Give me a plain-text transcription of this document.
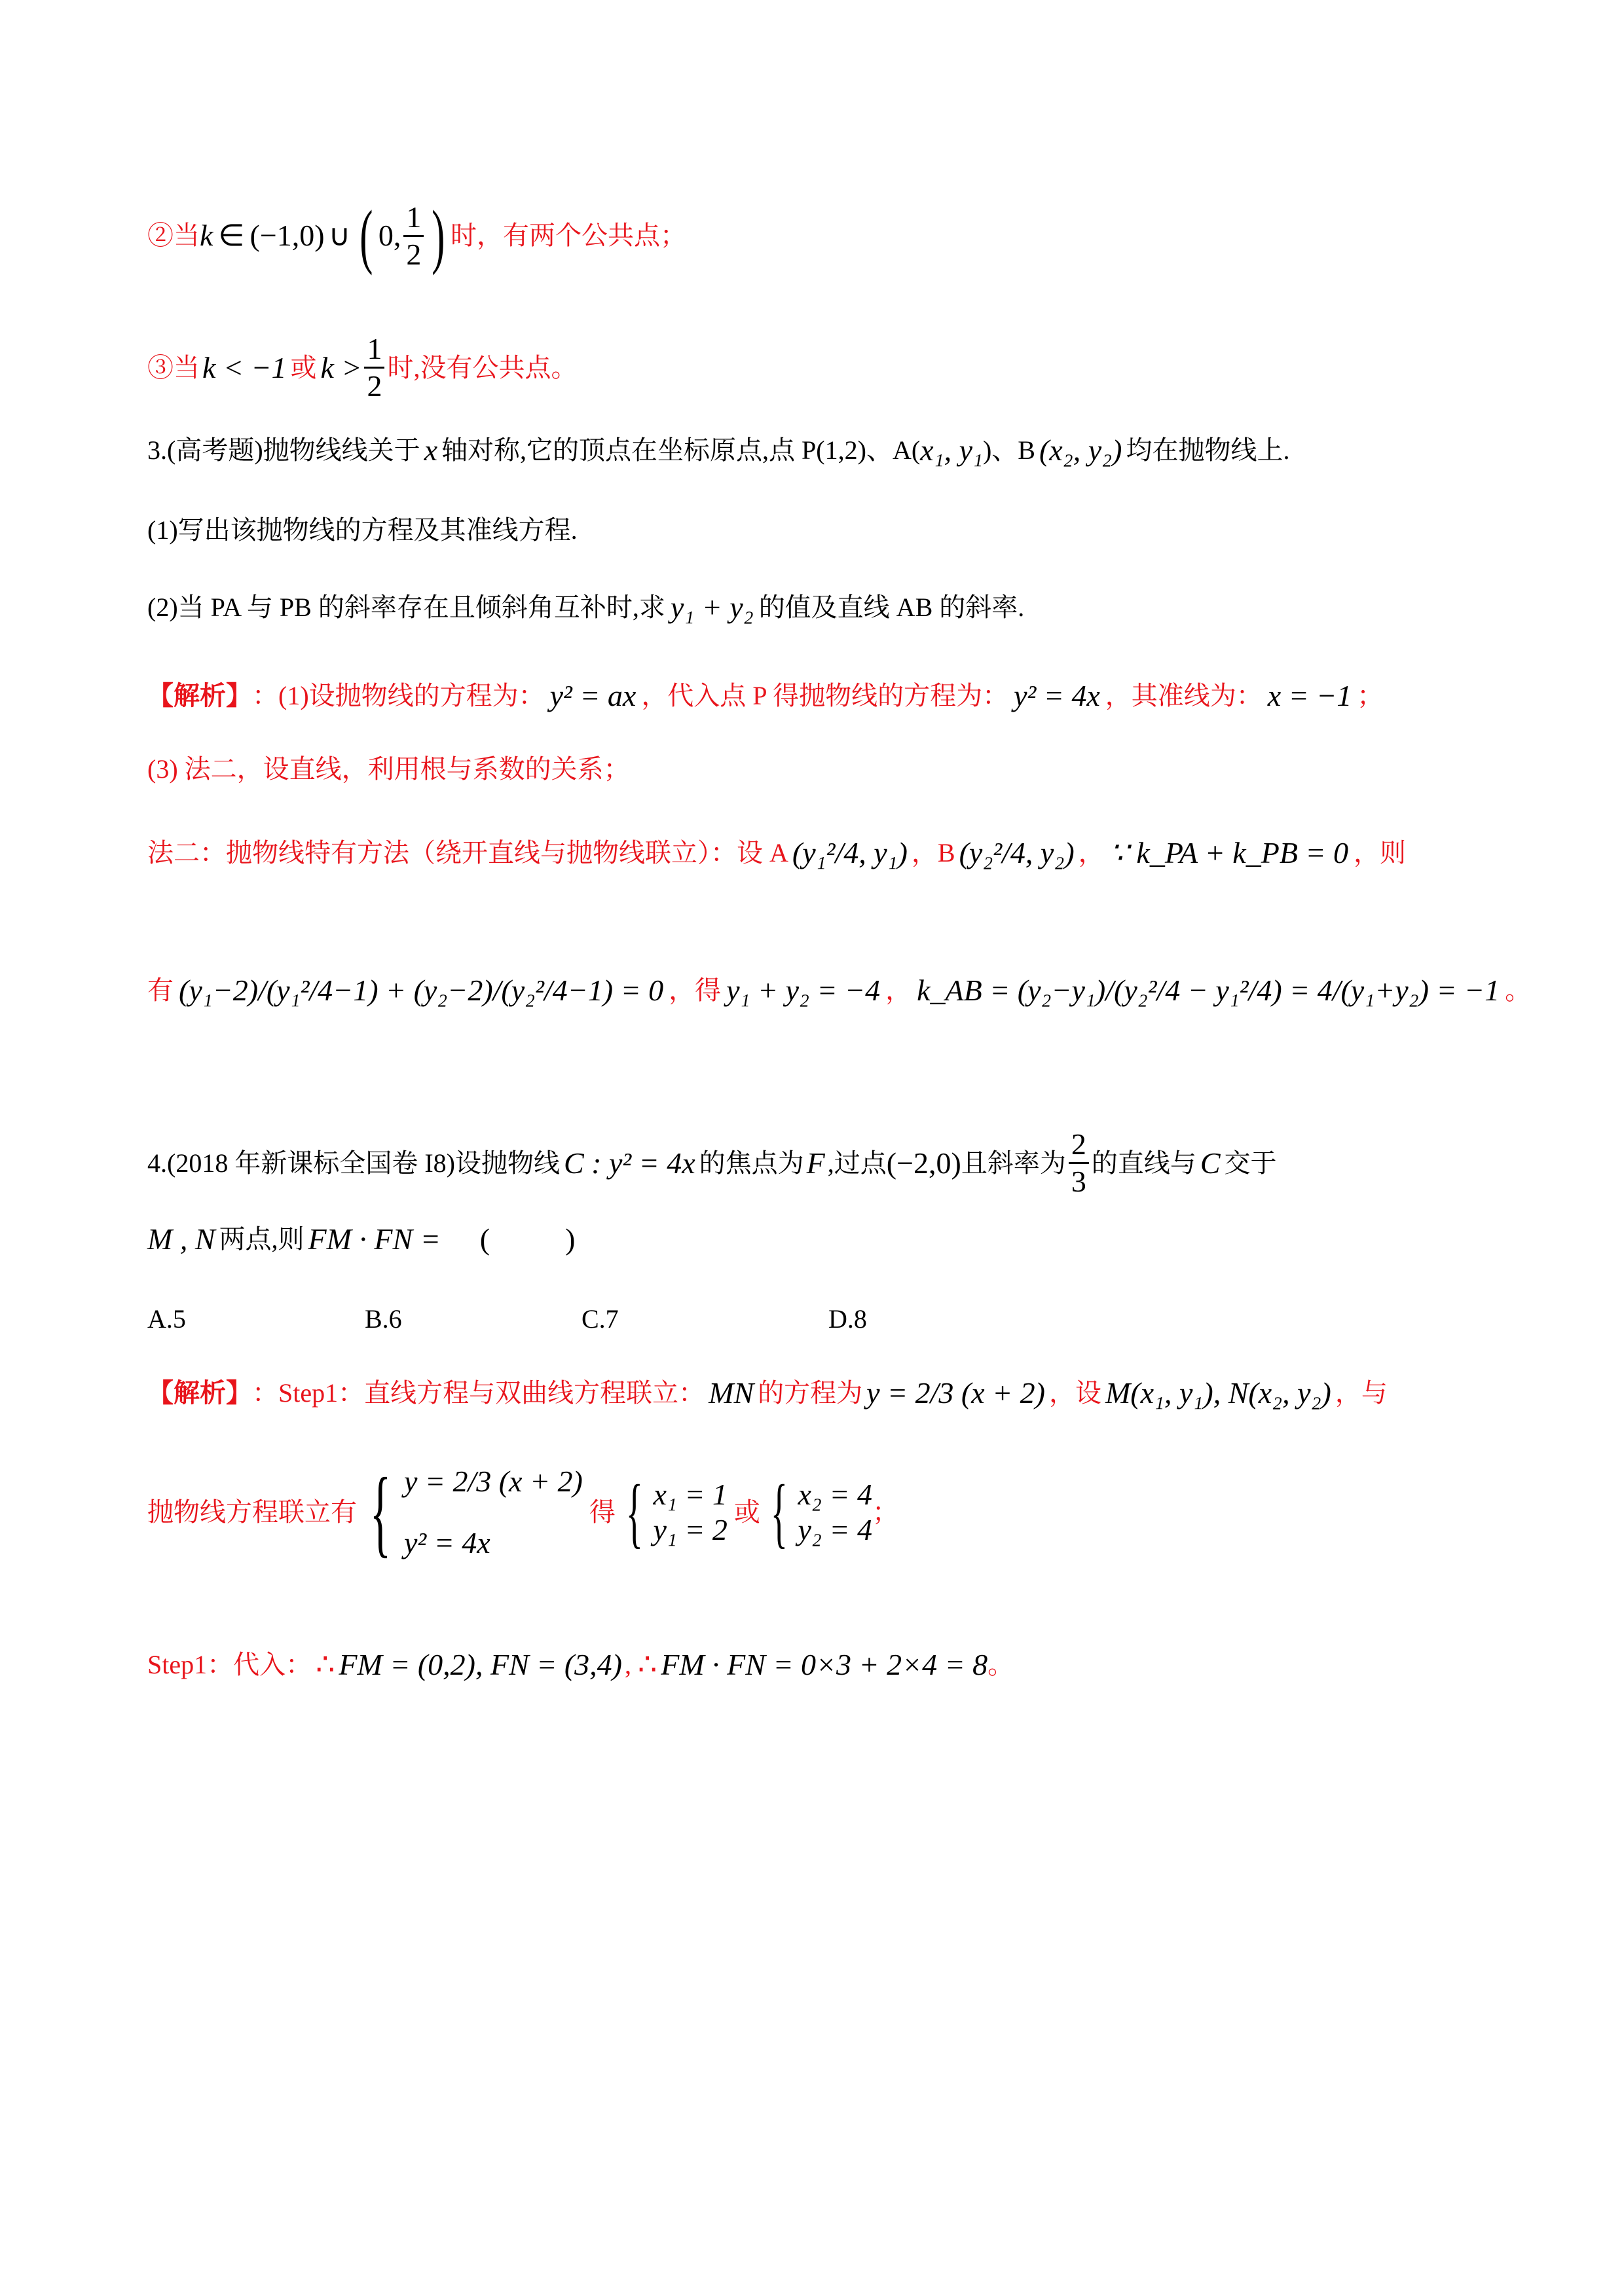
②当 k ∈ (−1,0) ∪ ( 0, $\frac{1}{2}$ ) 时，有两个公共点；
③当 k < −1 或 $k > \frac{1}{2}$ 时,没有公共点。
3.(高考题)抛物线线关于 x 轴对称,它的顶点在坐标原点,点 P(1,2)、A( x₁, y₁ )、B (x₂, y₂) 均在抛物线上.
(1)写出该抛物线的方程及其准线方程.
(2)当 PA 与 PB 的斜率存在且倾斜角互补时,求 y₁ + y₂ 的值及直线 AB 的斜率.
【解析】 ：(1)设抛物线的方程为： y² = ax ，代入点 P 得抛物线的方程为： y² = 4x ，其准线为： x = −1 ；
(3) 法二，设直线，利用根与系数的关系；
法二：抛物线特有方法（绕开直线与抛物线联立）：设 A (y₁²/4, y₁) ，B (y₂²/4, y₂) ， ∵ k_PA + k_PB = 0 ，则
有 (y₁−2)/(y₁²/4−1) + (y₂−2)/(y₂²/4−1) = 0 ，得 y₁ + y₂ = −4 ， k_AB = (y₂−y₁)/(y₂²/4 − y₁²/4) = 4/(y₁+y₂) = −1 。
4.(2018 年新课标全国卷 I8)设抛物线 C : y² = 4x 的焦点为 F ,过点 (−2,0) 且斜率为 $\frac{2}{3}$ 的直线与 C 交于
M , N 两点,则 FM · FN = (          )
A.5	B.6	C.7	D.8
【解析】 ：Step1：直线方程与双曲线方程联立： MN 的方程为 y = 2/3 (x + 2) ，设 M(x₁, y₁), N(x₂, y₂) ，与
抛物线方程联立有 { y = 2/3 (x + 2)
y² = 4x
得 { x₁ = 1
y₁ = 2
或 { x₂ = 4
y₂ = 4
；
Step1：代入： ∴ FM = (0,2), FN = (3,4) , ∴ FM · FN = 0×3 + 2×4 = 8 。
